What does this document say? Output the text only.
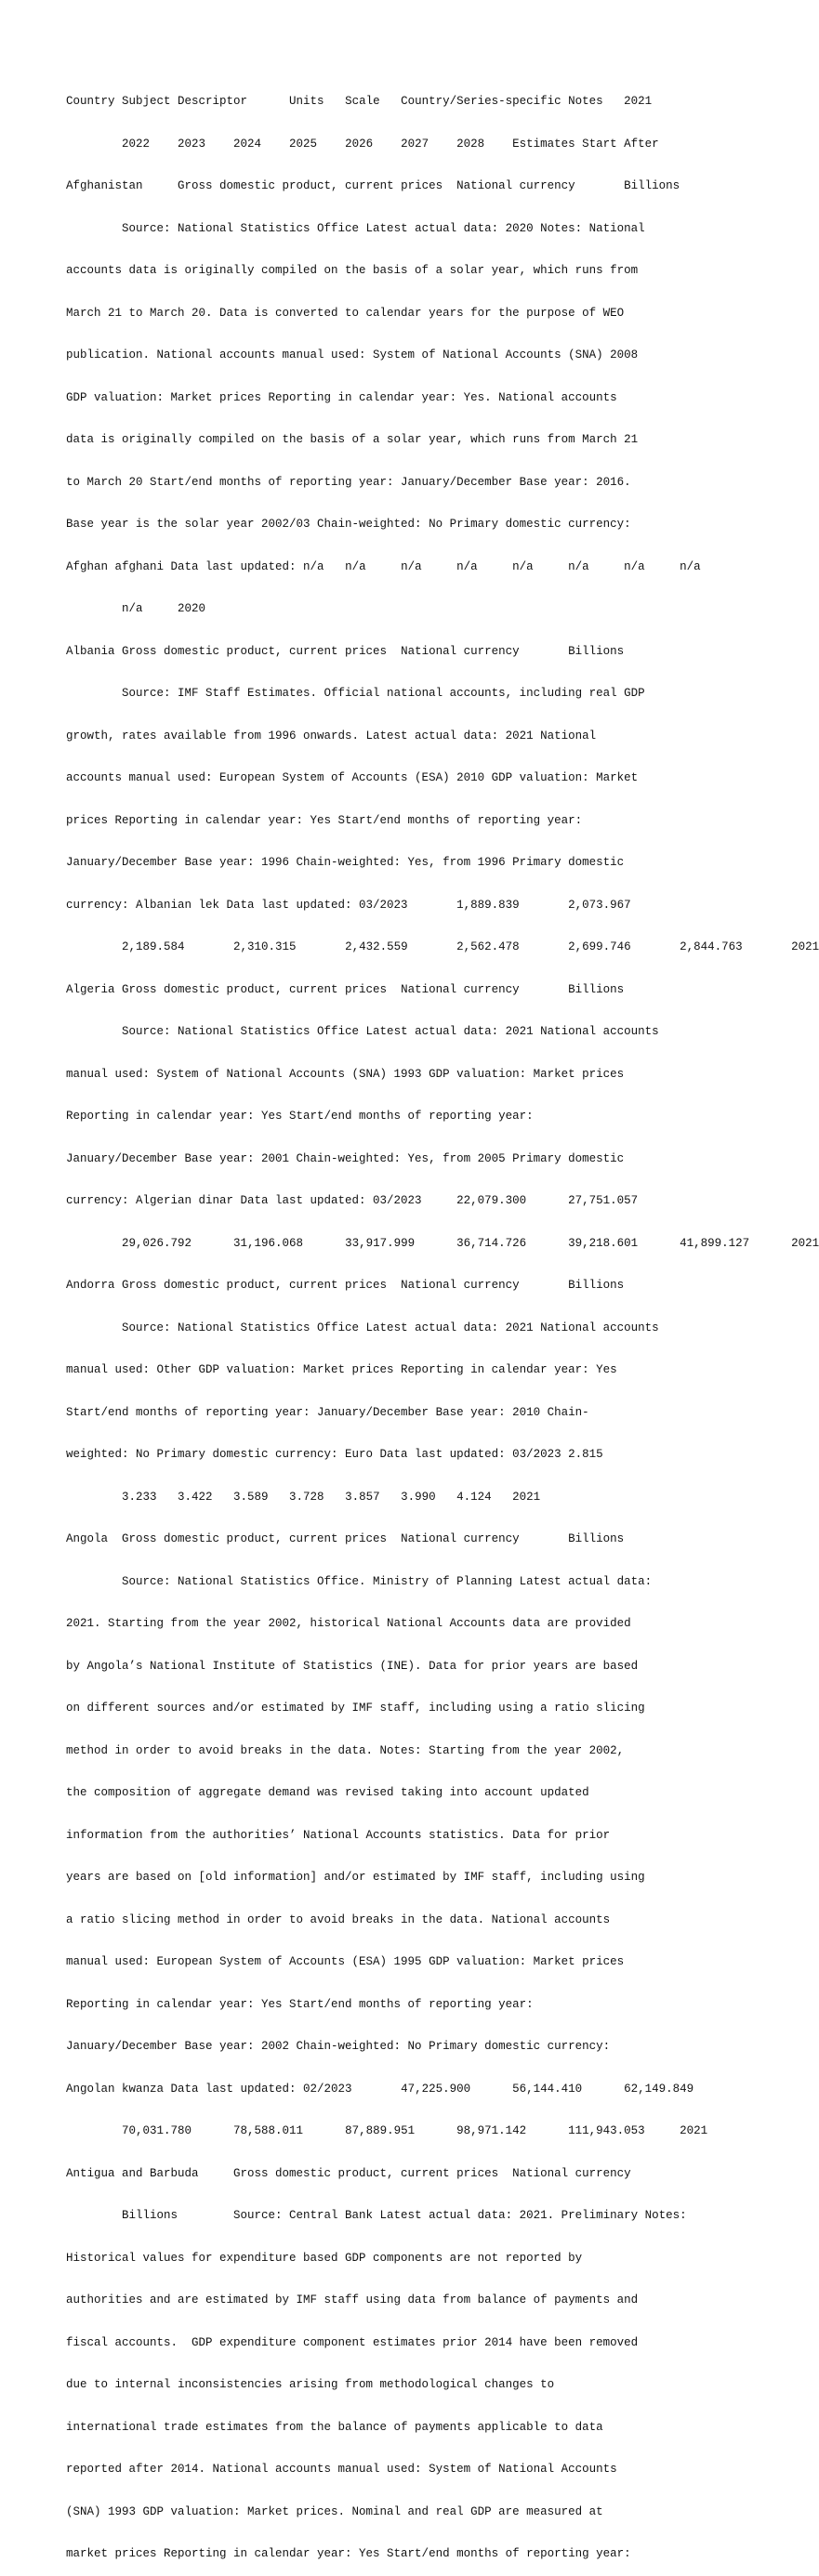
Country	Subject Descriptor	Units	Scale	Country/Series-specific Notes	2021

	2022	2023	2024	2025	2026	2027	2028	Estimates Start After

Afghanistan	Gross domestic product, current prices	National currency	Billions

	Source: National Statistics Office Latest actual data: 2020 Notes: National

accounts data is originally compiled on the basis of a solar year, which runs from

March 21 to March 20. Data is converted to calendar years for the purpose of WEO

publication. National accounts manual used: System of National Accounts (SNA) 2008

GDP valuation: Market prices Reporting in calendar year: Yes. National accounts

data is originally compiled on the basis of a solar year, which runs from March 21

to March 20 Start/end months of reporting year: January/December Base year: 2016.

Base year is the solar year 2002/03 Chain-weighted: No Primary domestic currency:

Afghan afghani Data last updated: n/a	n/a	n/a	n/a	n/a	n/a	n/a	n/a

	n/a	2020

Albania	Gross domestic product, current prices	National currency	Billions

	Source: IMF Staff Estimates. Official national accounts, including real GDP

growth, rates available from 1996 onwards. Latest actual data: 2021 National

accounts manual used: European System of Accounts (ESA) 2010 GDP valuation: Market

prices Reporting in calendar year: Yes Start/end months of reporting year:

January/December Base year: 1996 Chain-weighted: Yes, from 1996 Primary domestic

currency: Albanian lek Data last updated: 03/2023	1,889.839	2,073.967

	2,189.584	2,310.315	2,432.559	2,562.478	2,699.746	2,844.763	2021

Algeria	Gross domestic product, current prices	National currency	Billions

	Source: National Statistics Office Latest actual data: 2021 National accounts

manual used: System of National Accounts (SNA) 1993 GDP valuation: Market prices

Reporting in calendar year: Yes Start/end months of reporting year:

January/December Base year: 2001 Chain-weighted: Yes, from 2005 Primary domestic

currency: Algerian dinar Data last updated: 03/2023	22,079.300	27,751.057

	29,026.792	31,196.068	33,917.999	36,714.726	39,218.601	41,899.127	2021

Andorra	Gross domestic product, current prices	National currency	Billions

	Source: National Statistics Office Latest actual data: 2021 National accounts

manual used: Other GDP valuation: Market prices Reporting in calendar year: Yes

Start/end months of reporting year: January/December Base year: 2010 Chain-

weighted: No Primary domestic currency: Euro Data last updated: 03/2023	2.815

	3.233	3.422	3.589	3.728	3.857	3.990	4.124	2021

Angola	Gross domestic product, current prices	National currency	Billions

	Source: National Statistics Office. Ministry of Planning Latest actual data:

2021. Starting from the year 2002, historical National Accounts data are provided

by Angola’s National Institute of Statistics (INE). Data for prior years are based

on different sources and/or estimated by IMF staff, including using a ratio slicing

method in order to avoid breaks in the data. Notes: Starting from the year 2002,

the composition of aggregate demand was revised taking into account updated

information from the authorities’ National Accounts statistics. Data for prior

years are based on [old information] and/or estimated by IMF staff, including using

a ratio slicing method in order to avoid breaks in the data. National accounts

manual used: European System of Accounts (ESA) 1995 GDP valuation: Market prices

Reporting in calendar year: Yes Start/end months of reporting year:

January/December Base year: 2002 Chain-weighted: No Primary domestic currency:

Angolan kwanza Data last updated: 02/2023	47,225.900	56,144.410	62,149.849

	70,031.780	78,588.011	87,889.951	98,971.142	111,943.053	2021

Antigua and Barbuda	Gross domestic product, current prices	National currency

	Billions	Source: Central Bank Latest actual data: 2021. Preliminary Notes:

Historical values for expenditure based GDP components are not reported by

authorities and are estimated by IMF staff using data from balance of payments and

fiscal accounts.  GDP expenditure component estimates prior 2014 have been removed

due to internal inconsistencies arising from methodological changes to

international trade estimates from the balance of payments applicable to data

reported after 2014. National accounts manual used: System of National Accounts

(SNA) 1993 GDP valuation: Market prices. Nominal and real GDP are measured at

market prices Reporting in calendar year: Yes Start/end months of reporting year:
